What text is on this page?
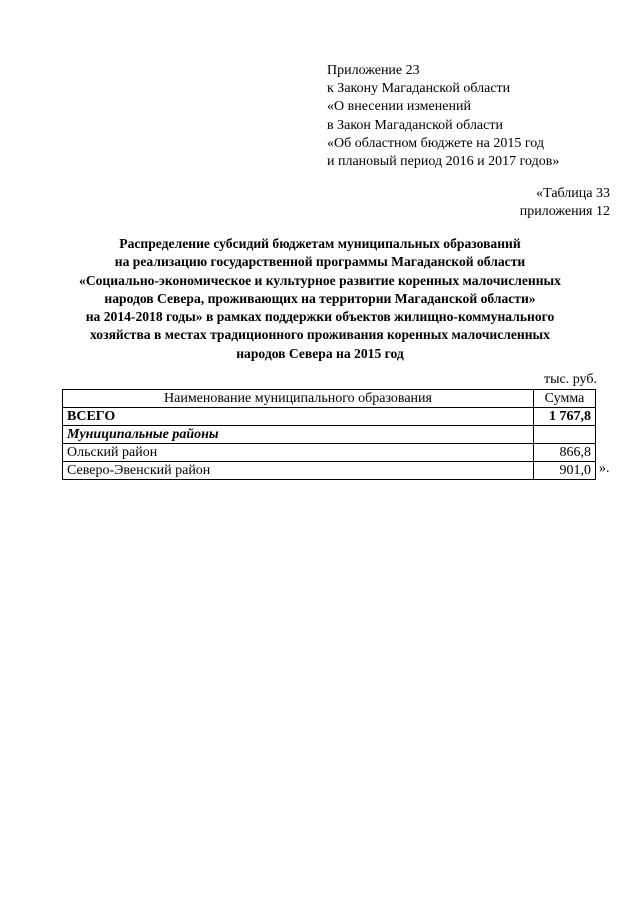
Приложение 23
к Закону Магаданской области
«О внесении изменений
в Закон Магаданской области
«Об областном бюджете на 2015 год
и плановый период 2016 и 2017 годов»
«Таблица 33
приложения 12
Распределение субсидий бюджетам муниципальных образований
на реализацию государственной программы Магаданской области
«Социально-экономическое и культурное развитие коренных малочисленных
народов Севера, проживающих на территории Магаданской области»
на 2014-2018 годы» в рамках поддержки объектов жилищно-коммунального
хозяйства в местах традиционного проживания коренных малочисленных
народов Севера на 2015 год
тыс. руб.
Наименование муниципального образования	Сумма
ВСЕГО	1 767,8
Муниципальные районы	
Ольский район	866,8
Северо-Эвенский район	901,0 ».
